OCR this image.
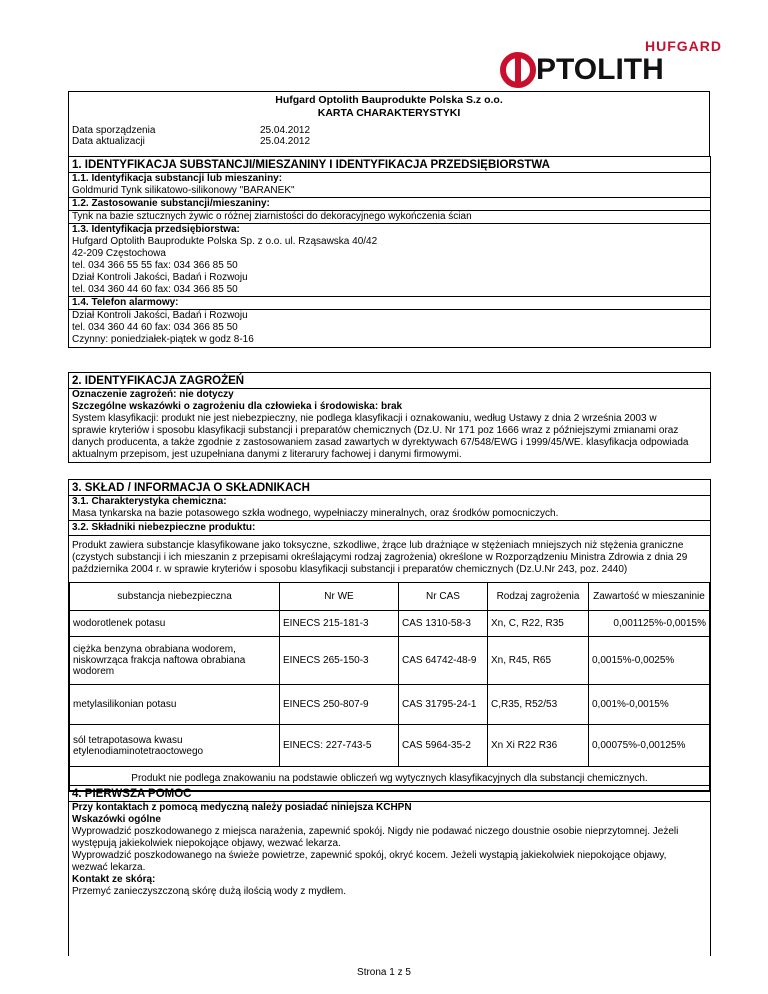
HUFGARD
PTOLITH
Hufgard Optolith Bauprodukte Polska S.z o.o.
KARTA CHARAKTERYSTYKI
Data sporządzenia	25.04.2012
Data aktualizacji	25.04.2012
1. IDENTYFIKACJA SUBSTANCJI/MIESZANINY I IDENTYFIKACJA PRZEDSIĘBIORSTWA
1.1. Identyfikacja substancji lub mieszaniny:
Goldmurid Tynk silikatowo-silikonowy "BARANEK"
1.2. Zastosowanie substancji/mieszaniny:
Tynk na bazie sztucznych żywic o różnej ziarnistości do dekoracyjnego wykończenia ścian
1.3. Identyfikacja przedsiębiorstwa:
Hufgard Optolith Bauprodukte Polska Sp. z o.o. ul. Rząsawska 40/42
42-209 Częstochowa
tel. 034 366 55 55 fax: 034 366 85 50
Dział Kontroli Jakości, Badań i Rozwoju
tel. 034 360 44 60 fax: 034 366 85 50
1.4. Telefon alarmowy:
Dział Kontroli Jakości, Badań i Rozwoju
tel. 034 360 44 60 fax: 034 366 85 50
Czynny: poniedziałek-piątek w godz 8-16
2. IDENTYFIKACJA ZAGROŻEŃ
Oznaczenie zagrożeń: nie dotyczy
Szczególne wskazówki o zagrożeniu dla człowieka i środowiska: brak
System klasyfikacji: produkt nie jest niebezpieczny, nie podlega klasyfikacji i oznakowaniu, według Ustawy z dnia 2 września 2003 w
sprawie kryteriów i sposobu klasyfikacji substancji i preparatów chemicznych (Dz.U. Nr 171 poz 1666 wraz z późniejszymi zmianami oraz
danych producenta, a także zgodnie z zastosowaniem zasad zawartych w dyrektywach 67/548/EWG i 1999/45/WE. klasyfikacja odpowiada
aktualnym przepisom, jest uzupełniana danymi z literarury fachowej i danymi firmowymi.
3. SKŁAD / INFORMACJA O SKŁADNIKACH
3.1. Charakterystyka chemiczna:
Masa tynkarska na bazie potasowego szkła wodnego, wypełniaczy mineralnych, oraz środków pomocniczych.
3.2. Składniki niebezpieczne produktu:
Produkt zawiera substancje klasyfikowane jako toksyczne, szkodliwe, żrące lub drażniące w stężeniach mniejszych niż stężenia graniczne
(czystych substancji i ich mieszanin z przepisami określającymi rodzaj zagrożenia) określone w Rozporządzeniu Ministra Zdrowia z dnia 29
października 2004 r. w sprawie kryteriów i sposobu klasyfikacji substancji i preparatów chemicznych (Dz.U.Nr 243, poz. 2440)
substancja niebezpieczna	Nr WE	Nr CAS	Rodzaj zagrożenia	Zawartość w mieszaninie
wodorotlenek potasu	EINECS 215-181-3	CAS 1310-58-3	Xn, C, R22, R35	0,001125%-0,0015%
ciężka benzyna obrabiana wodorem, niskowrząca frakcja naftowa obrabiana wodorem	EINECS 265-150-3	CAS 64742-48-9	Xn, R45, R65	0,0015%-0,0025%
metylasilikonian potasu	EINECS 250-807-9	CAS 31795-24-1	C,R35, R52/53	0,001%-0,0015%
sól tetrapotasowa kwasu etylenodiaminotetraoctowego	EINECS: 227-743-5	CAS 5964-35-2	Xn Xi R22 R36	0,00075%-0,00125%
Produkt nie podlega znakowaniu na podstawie obliczeń wg wytycznych klasyfikacyjnych dla substancji chemicznych.				
4. PIERWSZA POMOC
Przy kontaktach z pomocą medyczną należy posiadać niniejsza KCHPN
Wskazówki ogólne
Wyprowadzić poszkodowanego z miejsca narażenia, zapewnić spokój. Nigdy nie podawać niczego doustnie osobie nieprzytomnej. Jeżeli
występują jakiekolwiek niepokojące objawy, wezwać lekarza.
Wyprowadzić poszkodowanego na świeże powietrze, zapewnić spokój, okryć kocem. Jeżeli wystąpią jakiekolwiek niepokojące objawy,
wezwać lekarza.
Kontakt ze skórą:
Przemyć zanieczyszczoną skórę dużą ilością wody z mydłem.
Strona 1 z 5
